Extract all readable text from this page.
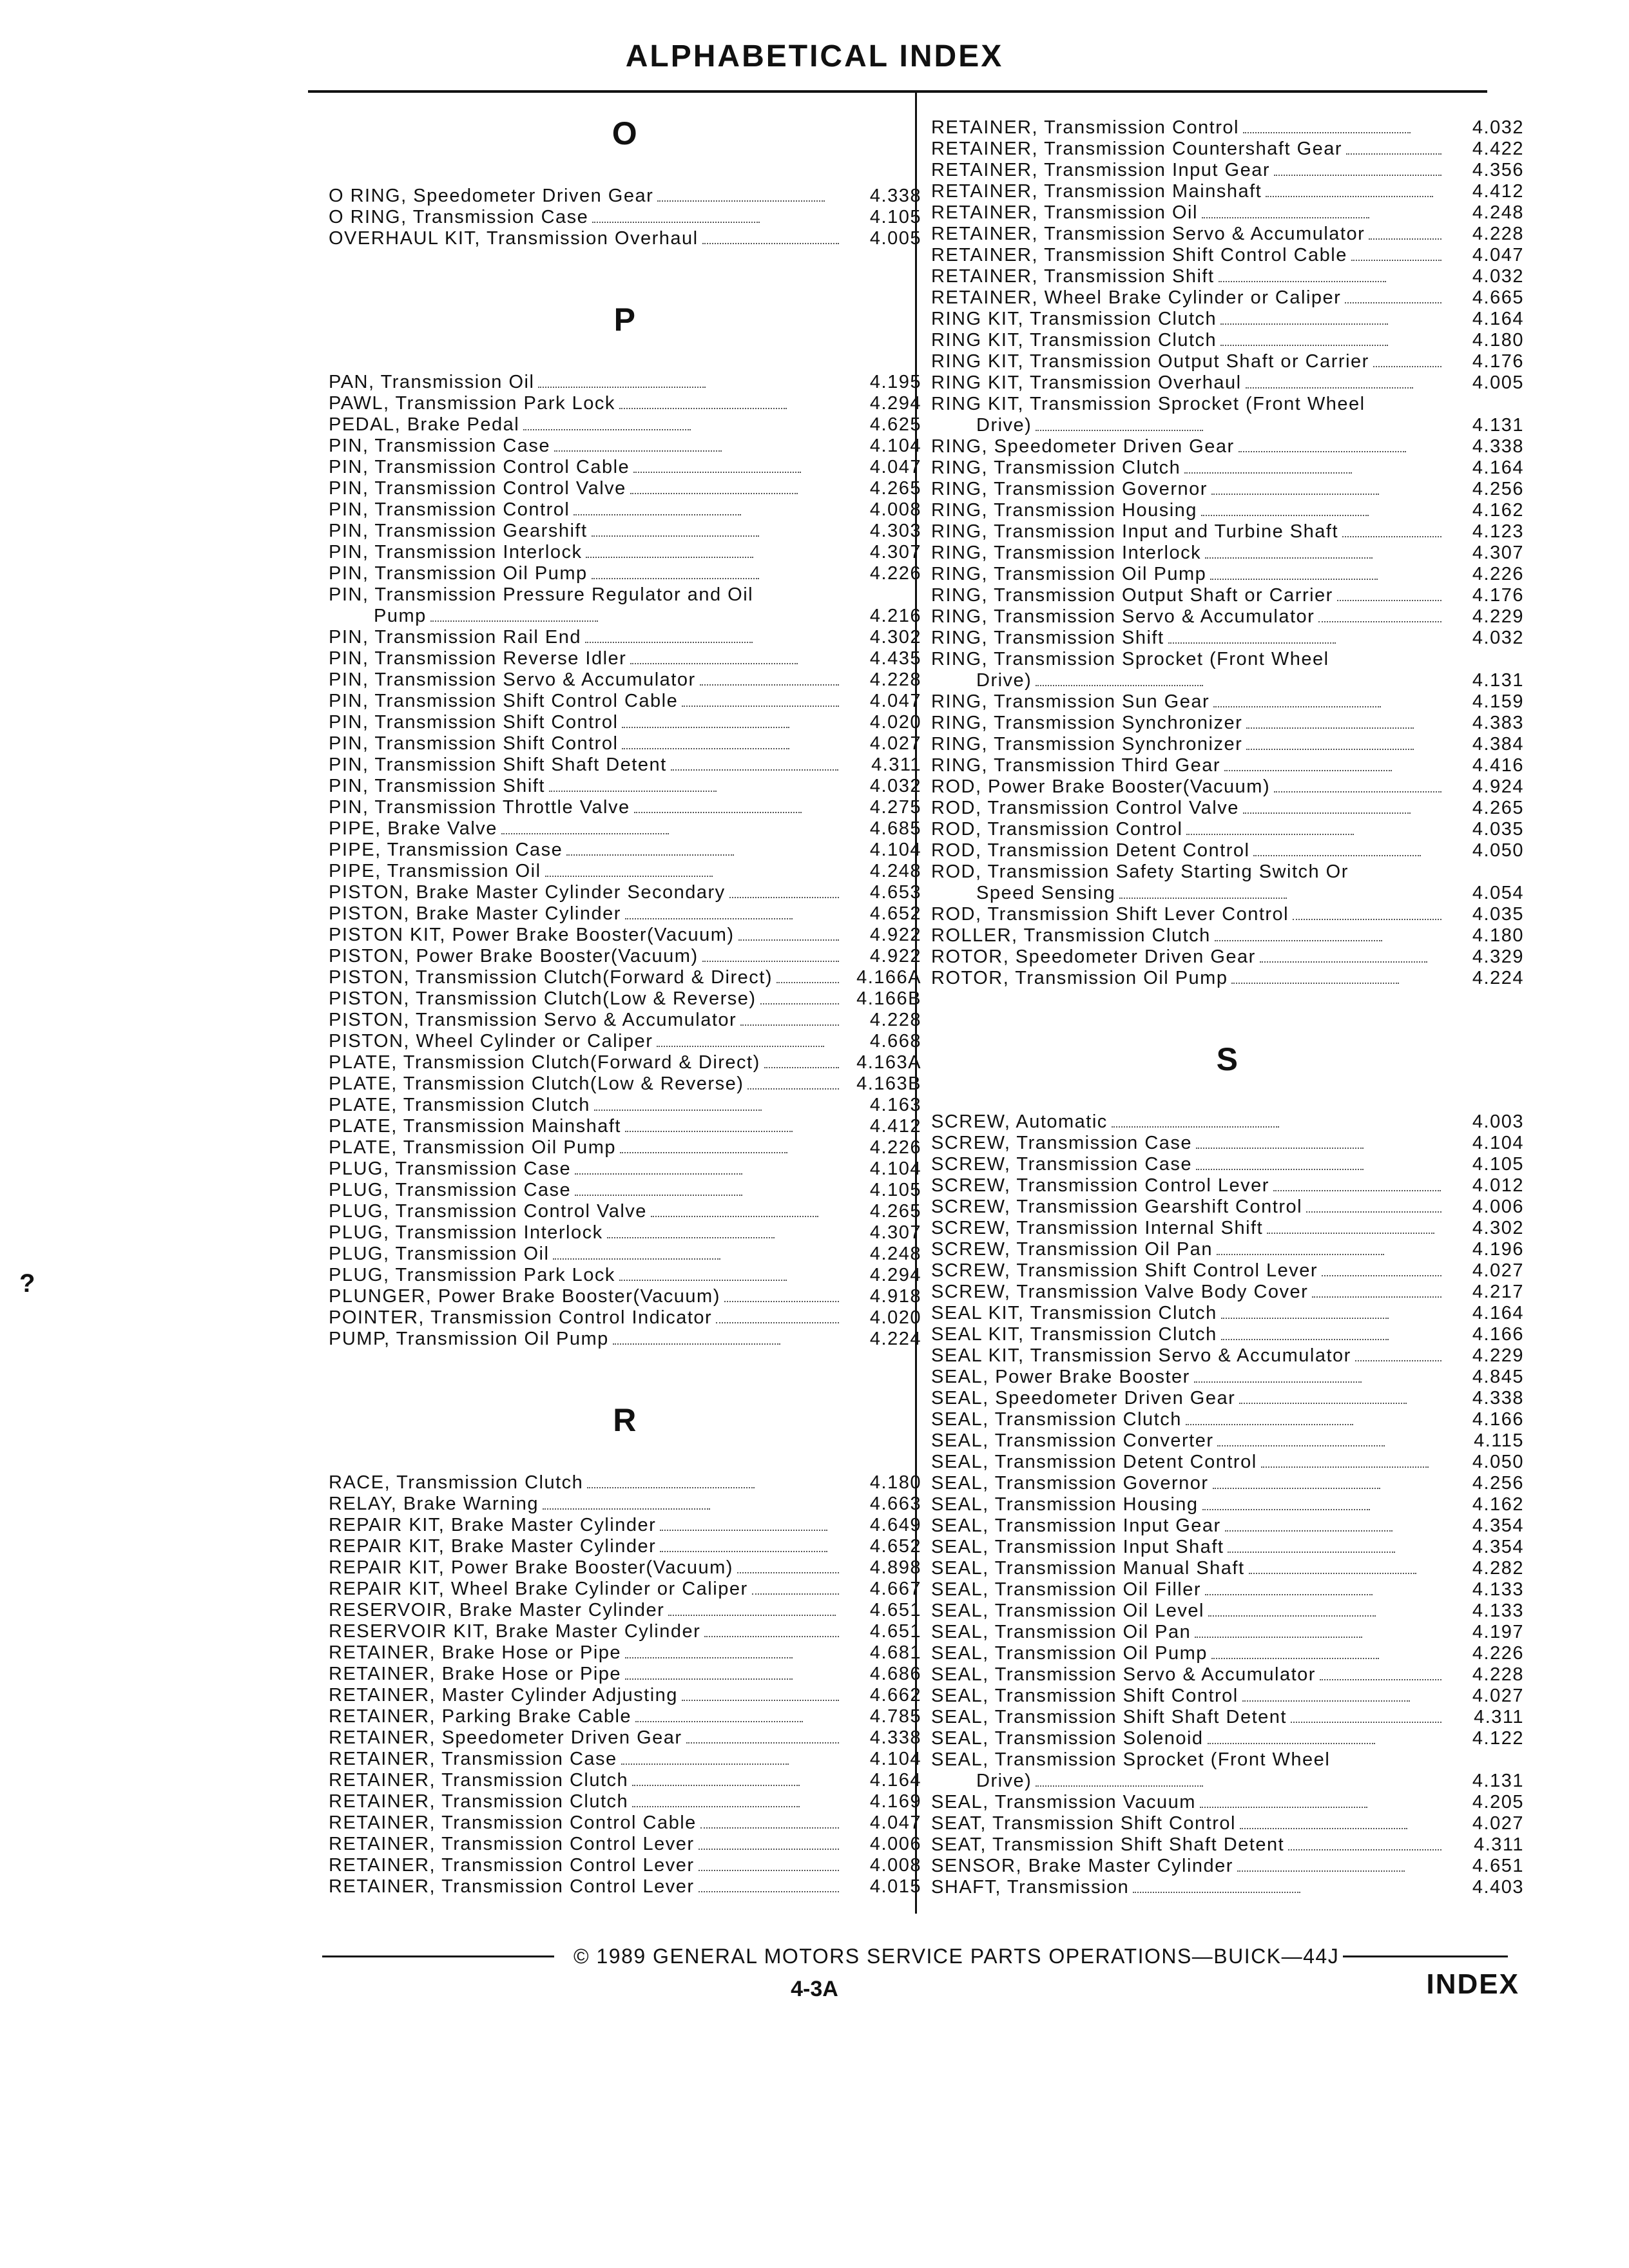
ALPHABETICAL INDEX
O
O RING, Speedometer Driven Gear	4.338
O RING, Transmission Case	4.105
OVERHAUL KIT, Transmission Overhaul	4.005
P
PAN, Transmission Oil	4.195
PAWL, Transmission Park Lock	4.294
PEDAL, Brake Pedal	4.625
PIN, Transmission Case	4.104
PIN, Transmission Control Cable	4.047
PIN, Transmission Control Valve	4.265
PIN, Transmission Control	4.008
PIN, Transmission Gearshift	4.303
PIN, Transmission Interlock	4.307
PIN, Transmission Oil Pump	4.226
PIN, Transmission Pressure Regulator and Oil
Pump	4.216
PIN, Transmission Rail End	4.302
PIN, Transmission Reverse Idler	4.435
PIN, Transmission Servo & Accumulator	4.228
PIN, Transmission Shift Control Cable	4.047
PIN, Transmission Shift Control	4.020
PIN, Transmission Shift Control	4.027
PIN, Transmission Shift Shaft Detent	4.311
PIN, Transmission Shift	4.032
PIN, Transmission Throttle Valve	4.275
PIPE, Brake Valve	4.685
PIPE, Transmission Case	4.104
PIPE, Transmission Oil	4.248
PISTON, Brake Master Cylinder Secondary	4.653
PISTON, Brake Master Cylinder	4.652
PISTON KIT, Power Brake Booster(Vacuum)	4.922
PISTON, Power Brake Booster(Vacuum)	4.922
PISTON, Transmission Clutch(Forward & Direct)	4.166A
PISTON, Transmission Clutch(Low & Reverse)	4.166B
PISTON, Transmission Servo & Accumulator	4.228
PISTON, Wheel Cylinder or Caliper	4.668
PLATE, Transmission Clutch(Forward & Direct)	4.163A
PLATE, Transmission Clutch(Low & Reverse)	4.163B
PLATE, Transmission Clutch	4.163
PLATE, Transmission Mainshaft	4.412
PLATE, Transmission Oil Pump	4.226
PLUG, Transmission Case	4.104
PLUG, Transmission Case	4.105
PLUG, Transmission Control Valve	4.265
PLUG, Transmission Interlock	4.307
PLUG, Transmission Oil	4.248
PLUG, Transmission Park Lock	4.294
PLUNGER, Power Brake Booster(Vacuum)	4.918
POINTER, Transmission Control Indicator	4.020
PUMP, Transmission Oil Pump	4.224
R
RACE, Transmission Clutch	4.180
RELAY, Brake Warning	4.663
REPAIR KIT, Brake Master Cylinder	4.649
REPAIR KIT, Brake Master Cylinder	4.652
REPAIR KIT, Power Brake Booster(Vacuum)	4.898
REPAIR KIT, Wheel Brake Cylinder or Caliper	4.667
RESERVOIR, Brake Master Cylinder	4.651
RESERVOIR KIT, Brake Master Cylinder	4.651
RETAINER, Brake Hose or Pipe	4.681
RETAINER, Brake Hose or Pipe	4.686
RETAINER, Master Cylinder Adjusting	4.662
RETAINER, Parking Brake Cable	4.785
RETAINER, Speedometer Driven Gear	4.338
RETAINER, Transmission Case	4.104
RETAINER, Transmission Clutch	4.164
RETAINER, Transmission Clutch	4.169
RETAINER, Transmission Control Cable	4.047
RETAINER, Transmission Control Lever	4.006
RETAINER, Transmission Control Lever	4.008
RETAINER, Transmission Control Lever	4.015
RETAINER, Transmission Control	4.032
RETAINER, Transmission Countershaft Gear	4.422
RETAINER, Transmission Input Gear	4.356
RETAINER, Transmission Mainshaft	4.412
RETAINER, Transmission Oil	4.248
RETAINER, Transmission Servo & Accumulator	4.228
RETAINER, Transmission Shift Control Cable	4.047
RETAINER, Transmission Shift	4.032
RETAINER, Wheel Brake Cylinder or Caliper	4.665
RING KIT, Transmission Clutch	4.164
RING KIT, Transmission Clutch	4.180
RING KIT, Transmission Output Shaft or Carrier	4.176
RING KIT, Transmission Overhaul	4.005
RING KIT, Transmission Sprocket (Front Wheel
Drive)	4.131
RING, Speedometer Driven Gear	4.338
RING, Transmission Clutch	4.164
RING, Transmission Governor	4.256
RING, Transmission Housing	4.162
RING, Transmission Input and Turbine Shaft	4.123
RING, Transmission Interlock	4.307
RING, Transmission Oil Pump	4.226
RING, Transmission Output Shaft or Carrier	4.176
RING, Transmission Servo & Accumulator	4.229
RING, Transmission Shift	4.032
RING, Transmission Sprocket (Front Wheel
Drive)	4.131
RING, Transmission Sun Gear	4.159
RING, Transmission Synchronizer	4.383
RING, Transmission Synchronizer	4.384
RING, Transmission Third Gear	4.416
ROD, Power Brake Booster(Vacuum)	4.924
ROD, Transmission Control Valve	4.265
ROD, Transmission Control	4.035
ROD, Transmission Detent Control	4.050
ROD, Transmission Safety Starting Switch Or
Speed Sensing	4.054
ROD, Transmission Shift Lever Control	4.035
ROLLER, Transmission Clutch	4.180
ROTOR, Speedometer Driven Gear	4.329
ROTOR, Transmission Oil Pump	4.224
S
SCREW, Automatic	4.003
SCREW, Transmission Case	4.104
SCREW, Transmission Case	4.105
SCREW, Transmission Control Lever	4.012
SCREW, Transmission Gearshift Control	4.006
SCREW, Transmission Internal Shift	4.302
SCREW, Transmission Oil Pan	4.196
SCREW, Transmission Shift Control Lever	4.027
SCREW, Transmission Valve Body Cover	4.217
SEAL KIT, Transmission Clutch	4.164
SEAL KIT, Transmission Clutch	4.166
SEAL KIT, Transmission Servo & Accumulator	4.229
SEAL, Power Brake Booster	4.845
SEAL, Speedometer Driven Gear	4.338
SEAL, Transmission Clutch	4.166
SEAL, Transmission Converter	4.115
SEAL, Transmission Detent Control	4.050
SEAL, Transmission Governor	4.256
SEAL, Transmission Housing	4.162
SEAL, Transmission Input Gear	4.354
SEAL, Transmission Input Shaft	4.354
SEAL, Transmission Manual Shaft	4.282
SEAL, Transmission Oil Filler	4.133
SEAL, Transmission Oil Level	4.133
SEAL, Transmission Oil Pan	4.197
SEAL, Transmission Oil Pump	4.226
SEAL, Transmission Servo & Accumulator	4.228
SEAL, Transmission Shift Control	4.027
SEAL, Transmission Shift Shaft Detent	4.311
SEAL, Transmission Solenoid	4.122
SEAL, Transmission Sprocket (Front Wheel
Drive)	4.131
SEAL, Transmission Vacuum	4.205
SEAT, Transmission Shift Control	4.027
SEAT, Transmission Shift Shaft Detent	4.311
SENSOR, Brake Master Cylinder	4.651
SHAFT, Transmission	4.403
?
© 1989 GENERAL MOTORS SERVICE PARTS OPERATIONS—BUICK—44J
4-3A	INDEX
